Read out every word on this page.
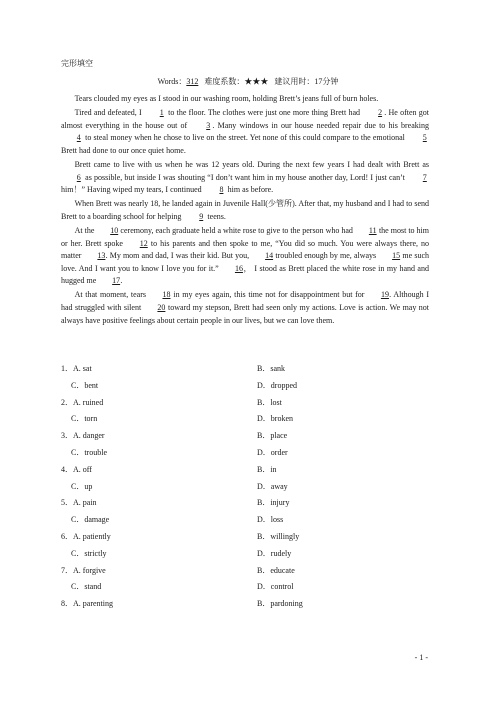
完形填空
Words：312 难度系数：★★★ 建议用时：17分钟

Tears clouded my eyes as I stood in our washing room, holding Brett’s jeans full of burn holes.

Tired and defeated, I 1 to the floor. The clothes were just one more thing Brett had 2 . He often got almost everything in the house out of 3 . Many windows in our house needed repair due to his breaking 4 to steal money when he chose to live on the street. Yet none of this could compare to the emotional 5 Brett had done to our once quiet home.

Brett came to live with us when he was 12 years old. During the next few years I had dealt with Brett as 6 as possible, but inside I was shouting “I don’t want him in my house another day, Lord! I just can’t 7 him！” Having wiped my tears, I continued 8 him as before.

When Brett was nearly 18, he landed again in Juvenile Hall(少管所). After that, my husband and I had to send Brett to a boarding school for helping 9 teens.

At the 10 ceremony, each graduate held a white rose to give to the person who had 11 the most to him or her. Brett spoke 12 to his parents and then spoke to me, “You did so much. You were always there, no matter 13. My mom and dad, I was their kid. But you, 14 troubled enough by me, always 15 me such love. And I want you to know I love you for it.” 16， I stood as Brett placed the white rose in my hand and hugged me 17.

At that moment, tears 18 in my eyes again, this time not for disappointment but for 19. Although I had struggled with silent 20 toward my stepson, Brett had seen only my actions. Love is action. We may not always have positive feelings about certain people in our lives, but we can love them.

1．A. sat	B．sank
C．bent	D．dropped
2．A. ruined	B．lost
C．torn	D．broken
3．A. danger	B．place
C．trouble	D．order
4．A. off	B．in
C．up	D．away
5．A. pain	B．injury
C．damage	D．loss
6．A. patiently	B．willingly
C．strictly	D．rudely
7．A. forgive	B．educate
C．stand	D．control
8．A. parenting	B．pardoning
- 1 -
